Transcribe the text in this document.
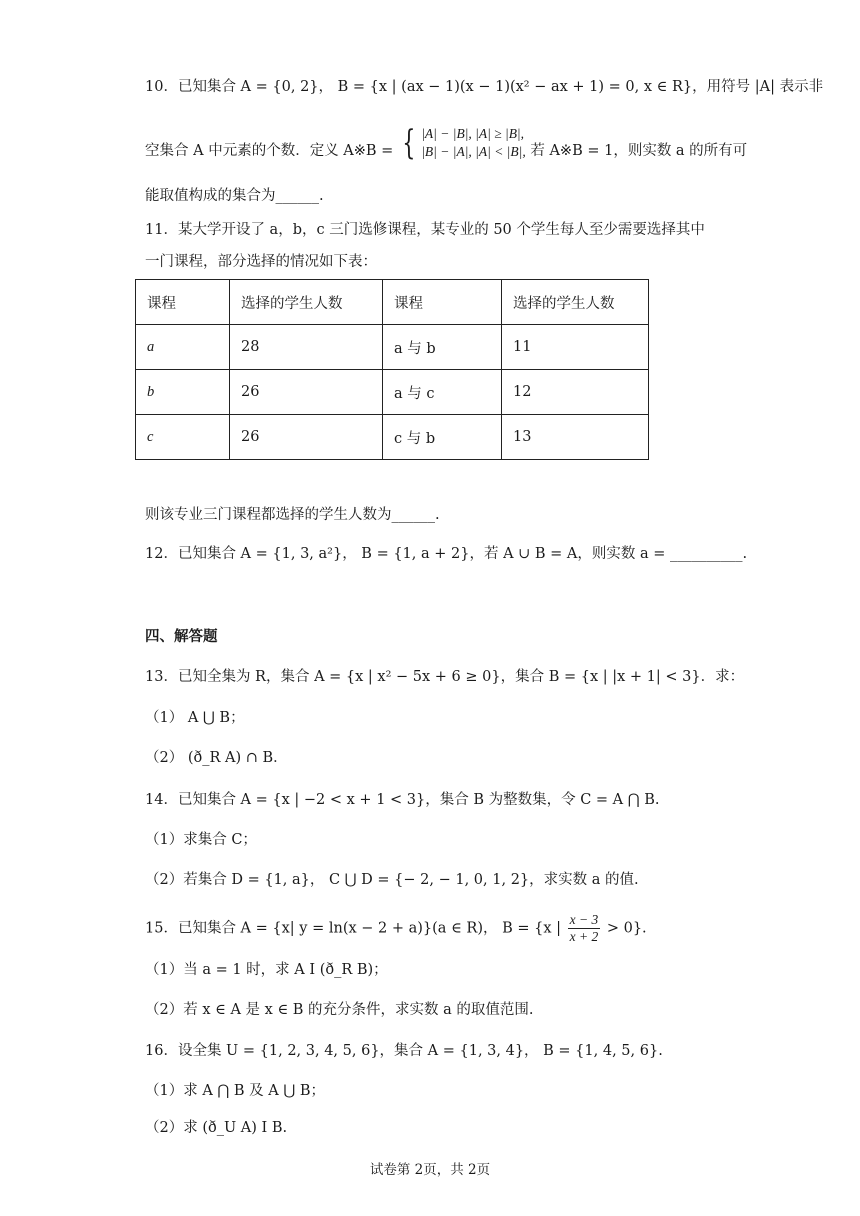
10．已知集合 A = {0, 2}， B = {x | (ax − 1)(x − 1)(x² − ax + 1) = 0, x ∈ R}，用符号 |A| 表示非
空集合 A 中元素的个数．定义 A※B = { |A| − |B|, |A| ≥ |B|,
|B| − |A|, |A| < |B|, 若 A※B = 1，则实数 a 的所有可
能取值构成的集合为______.
11．某大学开设了 a，b，c 三门选修课程，某专业的 50 个学生每人至少需要选择其中
一门课程，部分选择的情况如下表：
课程	选择的学生人数	课程	选择的学生人数
a	28	a 与 b	11
b	26	a 与 c	12
c	26	c 与 b	13
则该专业三门课程都选择的学生人数为______.
12．已知集合 A = {1, 3, a²}， B = {1, a + 2}，若 A ∪ B = A，则实数 a = __________.
四、解答题
13．已知全集为 R，集合 A = {x | x² − 5x + 6 ≥ 0}，集合 B = {x | |x + 1| < 3}．求：
（1） A ⋃ B；
（2） (ð_R A) ∩ B．
14．已知集合 A = {x | −2 < x + 1 < 3}，集合 B 为整数集，令 C = A ⋂ B.
（1）求集合 C；
（2）若集合 D = {1, a}， C ⋃ D = {− 2, − 1, 0, 1, 2}，求实数 a 的值.
15．已知集合 A = {x| y = ln(x − 2 + a)}(a ∈ R)， B = {x | $\frac{x - 3}{x + 2} > 0$}.
（1）当 a = 1 时，求 A I (ð_R B)；
（2）若 x ∈ A 是 x ∈ B 的充分条件，求实数 a 的取值范围.
16．设全集 U = {1, 2, 3, 4, 5, 6}，集合 A = {1, 3, 4}， B = {1, 4, 5, 6}.
（1）求 A ⋂ B 及 A ⋃ B；
（2）求 (ð_U A) I B.
试卷第 2页，共 2页
